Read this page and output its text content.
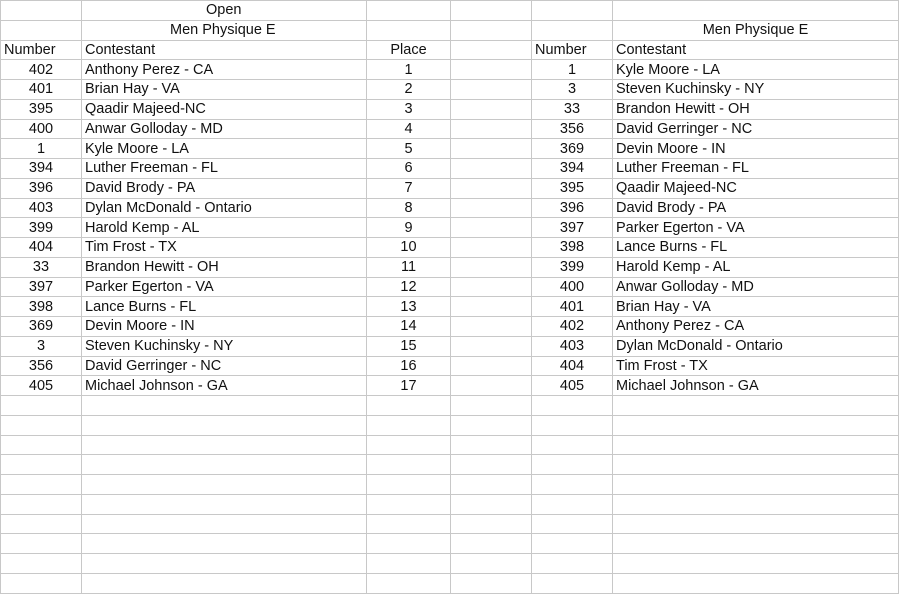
	Open				
	Men Physique E				Men Physique E
Number	Contestant	Place		Number	Contestant
402	Anthony Perez - CA	1		1	Kyle Moore - LA
401	Brian Hay - VA	2		3	Steven Kuchinsky - NY
395	Qaadir Majeed-NC	3		33	Brandon Hewitt - OH
400	Anwar Golloday - MD	4		356	David Gerringer - NC
1	Kyle Moore - LA	5		369	Devin Moore - IN
394	Luther Freeman - FL	6		394	Luther Freeman - FL
396	David Brody - PA	7		395	Qaadir Majeed-NC
403	Dylan McDonald - Ontario	8		396	David Brody - PA
399	Harold Kemp - AL	9		397	Parker Egerton - VA
404	Tim Frost - TX	10		398	Lance Burns - FL
33	Brandon Hewitt - OH	11		399	Harold Kemp - AL
397	Parker Egerton - VA	12		400	Anwar Golloday - MD
398	Lance Burns - FL	13		401	Brian Hay - VA
369	Devin Moore - IN	14		402	Anthony Perez - CA
3	Steven Kuchinsky - NY	15		403	Dylan McDonald - Ontario
356	David Gerringer - NC	16		404	Tim Frost - TX
405	Michael Johnson - GA	17		405	Michael Johnson - GA
